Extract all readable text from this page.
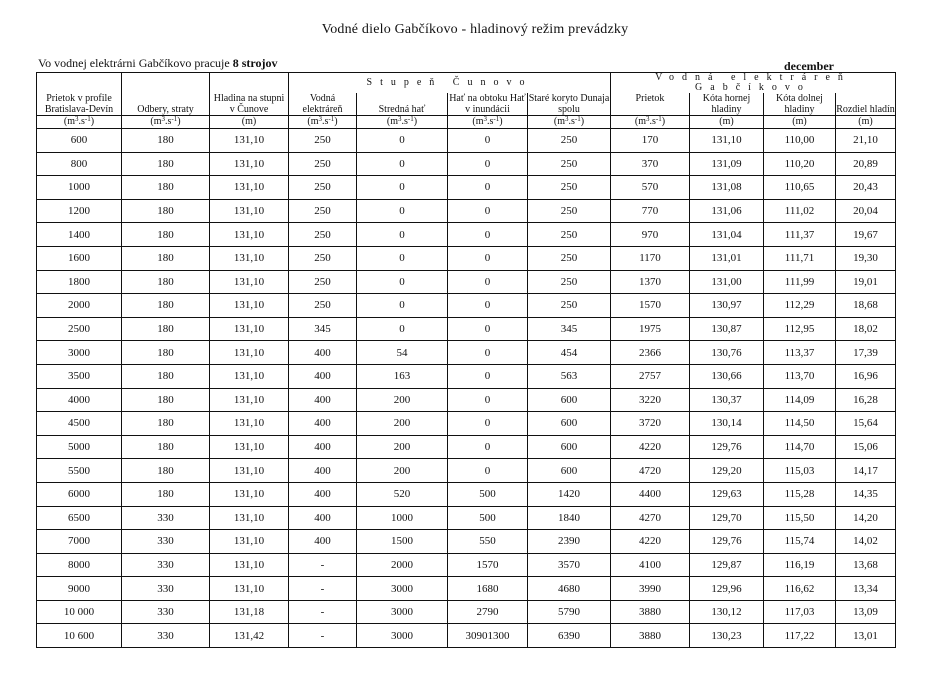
Vodné dielo Gabčíkovo - hladinový režim prevádzky
Vo vodnej elektrárni Gabčíkovo pracuje 8 strojov	december
Prietok v profile Bratislava-Devín	Odbery, straty	Hladina na stupni v Čunove	Stupeň Čunovo				Vodná elektráreň Gabčíkovo			
			Vodná elektráreň	Stredná hať	Hať na obtoku Hať v inundácii	Staré koryto Dunaja spolu	Prietok	Kóta hornej hladiny	Kóta dolnej hladiny	Rozdiel hladín
$(m^3.s^{-1})$	$(m^3.s^{-1})$	(m)	$(m^3.s^{-1})$	$(m^3.s^{-1})$	$(m^3.s^{-1})$	$(m^3.s^{-1})$	$(m^3.s^{-1})$	(m)	(m)	(m)
600	180	131,10	250	0	0	250	170	131,10	110,00	21,10
800	180	131,10	250	0	0	250	370	131,09	110,20	20,89
1000	180	131,10	250	0	0	250	570	131,08	110,65	20,43
1200	180	131,10	250	0	0	250	770	131,06	111,02	20,04
1400	180	131,10	250	0	0	250	970	131,04	111,37	19,67
1600	180	131,10	250	0	0	250	1170	131,01	111,71	19,30
1800	180	131,10	250	0	0	250	1370	131,00	111,99	19,01
2000	180	131,10	250	0	0	250	1570	130,97	112,29	18,68
2500	180	131,10	345	0	0	345	1975	130,87	112,95	18,02
3000	180	131,10	400	54	0	454	2366	130,76	113,37	17,39
3500	180	131,10	400	163	0	563	2757	130,66	113,70	16,96
4000	180	131,10	400	200	0	600	3220	130,37	114,09	16,28
4500	180	131,10	400	200	0	600	3720	130,14	114,50	15,64
5000	180	131,10	400	200	0	600	4220	129,76	114,70	15,06
5500	180	131,10	400	200	0	600	4720	129,20	115,03	14,17
6000	180	131,10	400	520	500	1420	4400	129,63	115,28	14,35
6500	330	131,10	400	1000	500	1840	4270	129,70	115,50	14,20
7000	330	131,10	400	1500	550	2390	4220	129,76	115,74	14,02
8000	330	131,10	-	2000	1570	3570	4100	129,87	116,19	13,68
9000	330	131,10	-	3000	1680	4680	3990	129,96	116,62	13,34
10 000	330	131,18	-	3000	2790	5790	3880	130,12	117,03	13,09
10 600	330	131,42	-	3000	30901300	6390	3880	130,23	117,22	13,01
